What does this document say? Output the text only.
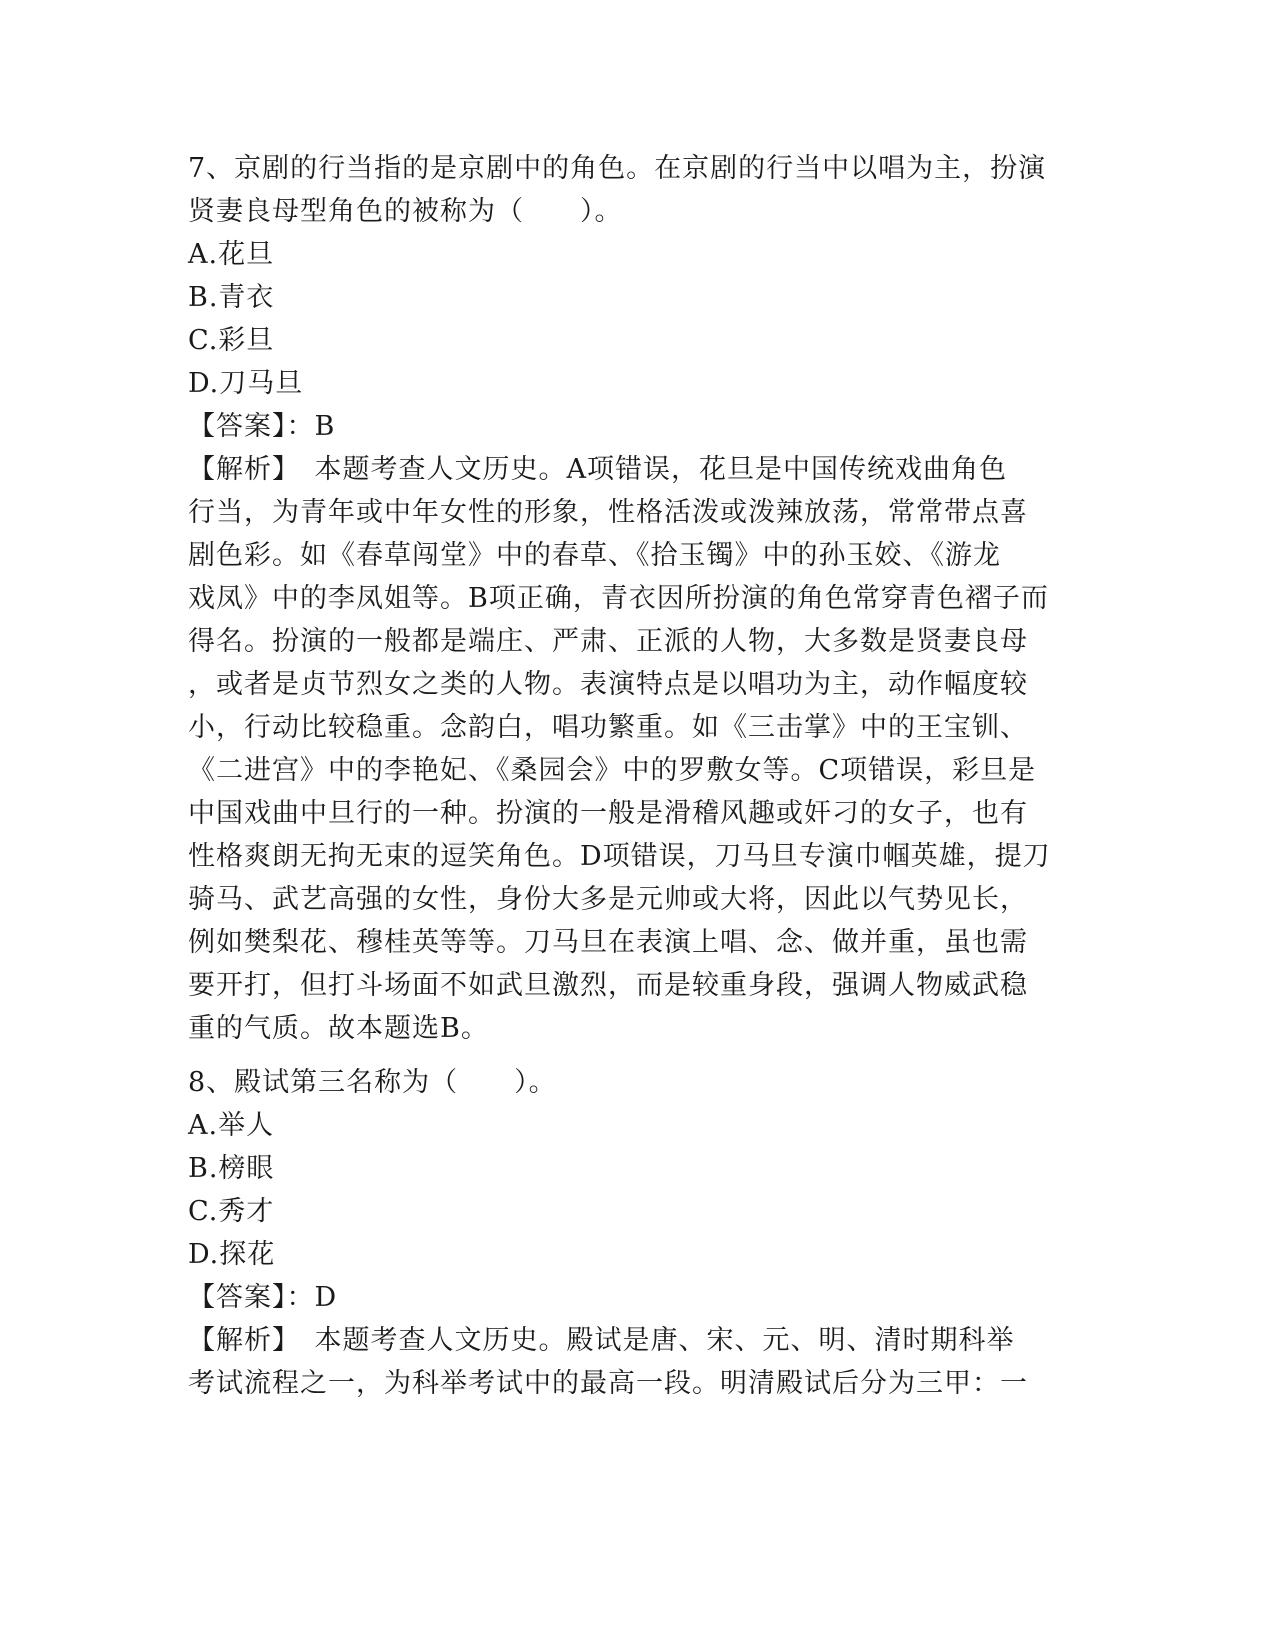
7、京剧的行当指的是京剧中的角色。在京剧的行当中以唱为主，扮演
贤妻良母型角色的被称为（　　）。
A.花旦
B.青衣
C.彩旦
D.刀马旦
【答案】：B
【解析】　本题考查人文历史。A项错误，花旦是中国传统戏曲角色
行当，为青年或中年女性的形象，性格活泼或泼辣放荡，常常带点喜
剧色彩。如《春草闯堂》中的春草、《拾玉镯》中的孙玉姣、《游龙
戏凤》中的李凤姐等。B项正确，青衣因所扮演的角色常穿青色褶子而
得名。扮演的一般都是端庄、严肃、正派的人物，大多数是贤妻良母
，或者是贞节烈女之类的人物。表演特点是以唱功为主，动作幅度较
小，行动比较稳重。念韵白，唱功繁重。如《三击掌》中的王宝钏、
《二进宫》中的李艳妃、《桑园会》中的罗敷女等。C项错误，彩旦是
中国戏曲中旦行的一种。扮演的一般是滑稽风趣或奸刁的女子，也有
性格爽朗无拘无束的逗笑角色。D项错误，刀马旦专演巾帼英雄，提刀
骑马、武艺高强的女性，身份大多是元帅或大将，因此以气势见长，
例如樊梨花、穆桂英等等。刀马旦在表演上唱、念、做并重，虽也需
要开打，但打斗场面不如武旦激烈，而是较重身段，强调人物威武稳
重的气质。故本题选B。
8、殿试第三名称为（　　）。
A.举人
B.榜眼
C.秀才
D.探花
【答案】：D
【解析】　本题考查人文历史。殿试是唐、宋、元、明、清时期科举
考试流程之一，为科举考试中的最高一段。明清殿试后分为三甲：一
